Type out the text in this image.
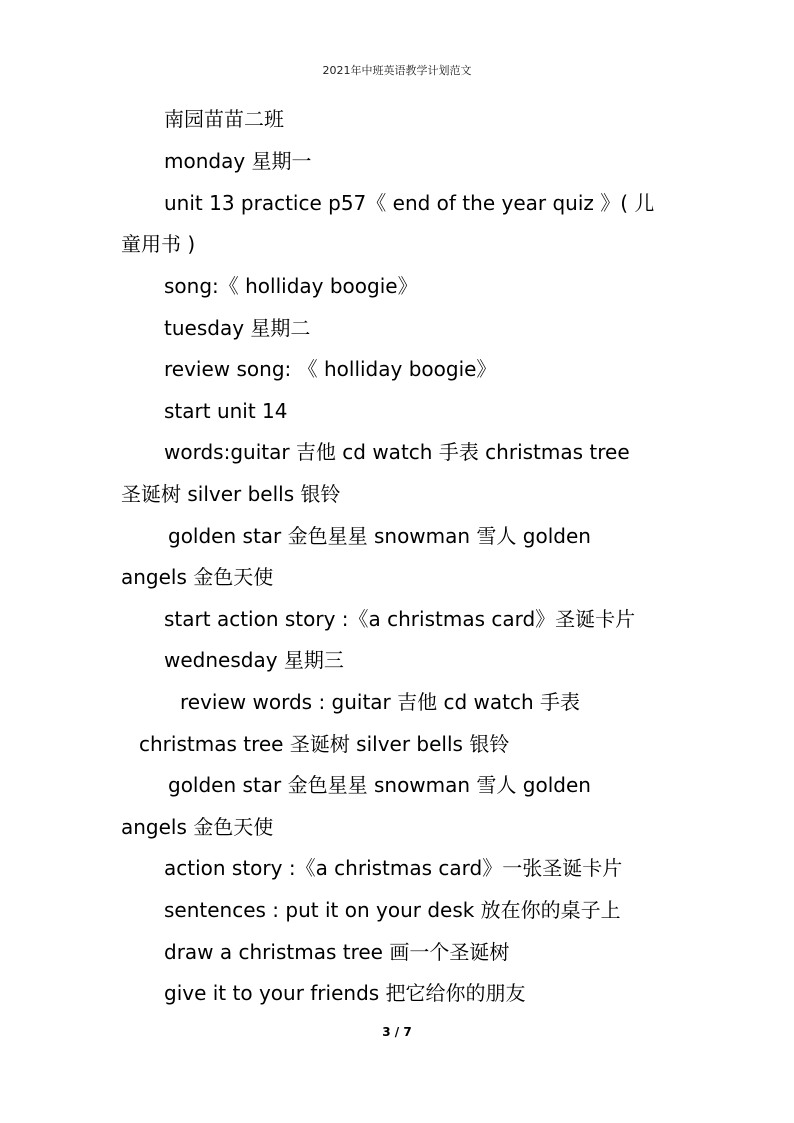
2021年中班英语教学计划范文
南园苗苗二班
monday 星期一
unit 13 practice p57《 end of the year quiz 》( 儿
童用书 )
song:《 holliday boogie》
tuesday 星期二
review song: 《 holliday boogie》
start unit 14
words:guitar 吉他 cd watch 手表 christmas tree
圣诞树 silver bells 银铃
golden star 金色星星 snowman 雪人 golden
angels 金色天使
start action story :《a christmas card》圣诞卡片
wednesday 星期三
review words : guitar 吉他 cd watch 手表
christmas tree 圣诞树 silver bells 银铃
golden star 金色星星 snowman 雪人 golden
angels 金色天使
action story :《a christmas card》一张圣诞卡片
sentences : put it on your desk 放在你的桌子上
draw a christmas tree 画一个圣诞树
give it to your friends 把它给你的朋友
3 / 7
